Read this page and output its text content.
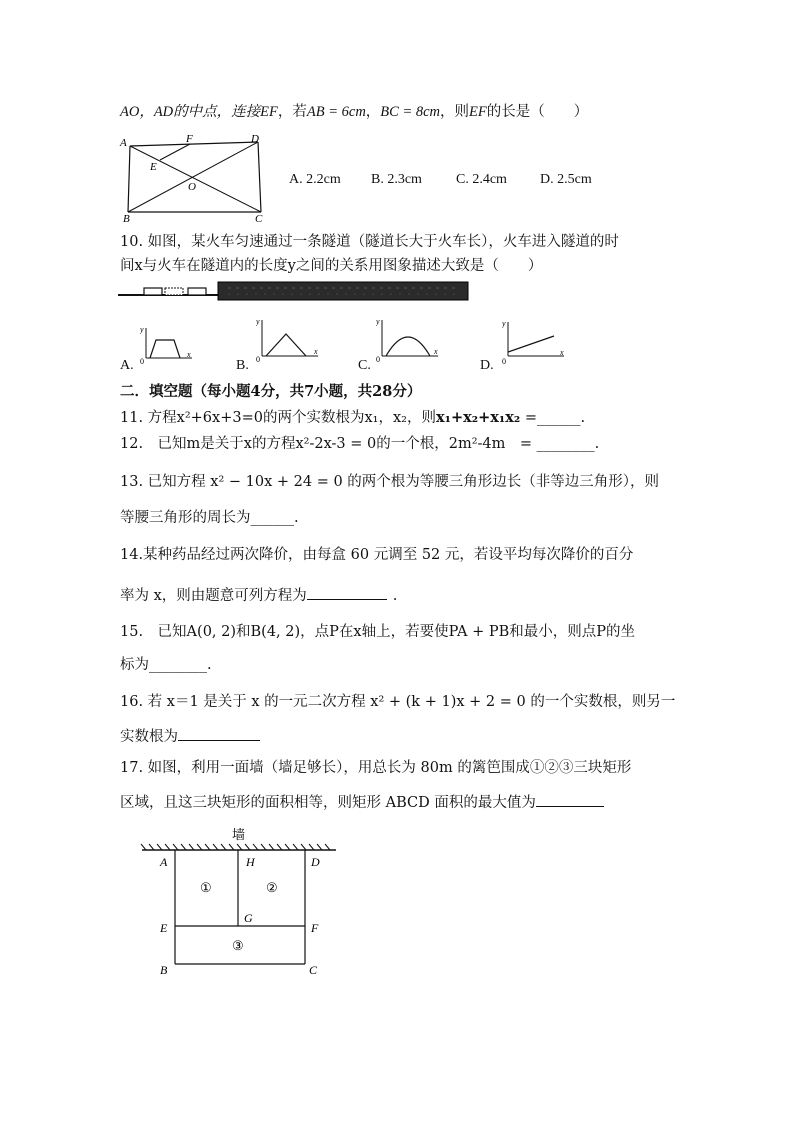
AO，AD的中点，连接EF，若AB = 6cm，BC = 8cm，则EF的长是（　　）
A	F	D
E
O
B	C
A. 2.2cm B. 2.3cm C. 2.4cm D. 2.5cm
10. 如图，某火车匀速通过一条隧道（隧道长大于火车长），火车进入隧道的时
间x与火车在隧道内的长度y之间的关系用图象描述大致是（　　）
y
x
0
A.
y
x
0
B.
y
x
0
C.
y
x
0
D.
二．填空题（每小题4分，共7小题，共28分）
11. 方程x²+6x+3=0的两个实数根为x₁，x₂，则x₁+x₂+x₁x₂ =______.
12.　已知m是关于x的方程x²-2x-3 = 0的一个根，2m²-4m　= ________.
13. 已知方程 x² − 10x + 24 = 0 的两个根为等腰三角形边长（非等边三角形），则
等腰三角形的周长为______.
14.某种药品经过两次降价，由每盒 60 元调至 52 元，若设平均每次降价的百分
率为 x，则由题意可列方程为	.
15.　已知A(0, 2)和B(4, 2)，点P在x轴上，若要使PA + PB和最小，则点P的坐
标为________.
16. 若 x＝1 是关于 x 的一元二次方程 x² + (k + 1)x + 2 = 0 的一个实数根，则另一
实数根为
17. 如图，利用一面墙（墙足够长），用总长为 80m 的篱笆围成①②③三块矩形
区域，且这三块矩形的面积相等，则矩形 ABCD 面积的最大值为
墙
A	H	D
G
E	F
B	C
①	②
③
